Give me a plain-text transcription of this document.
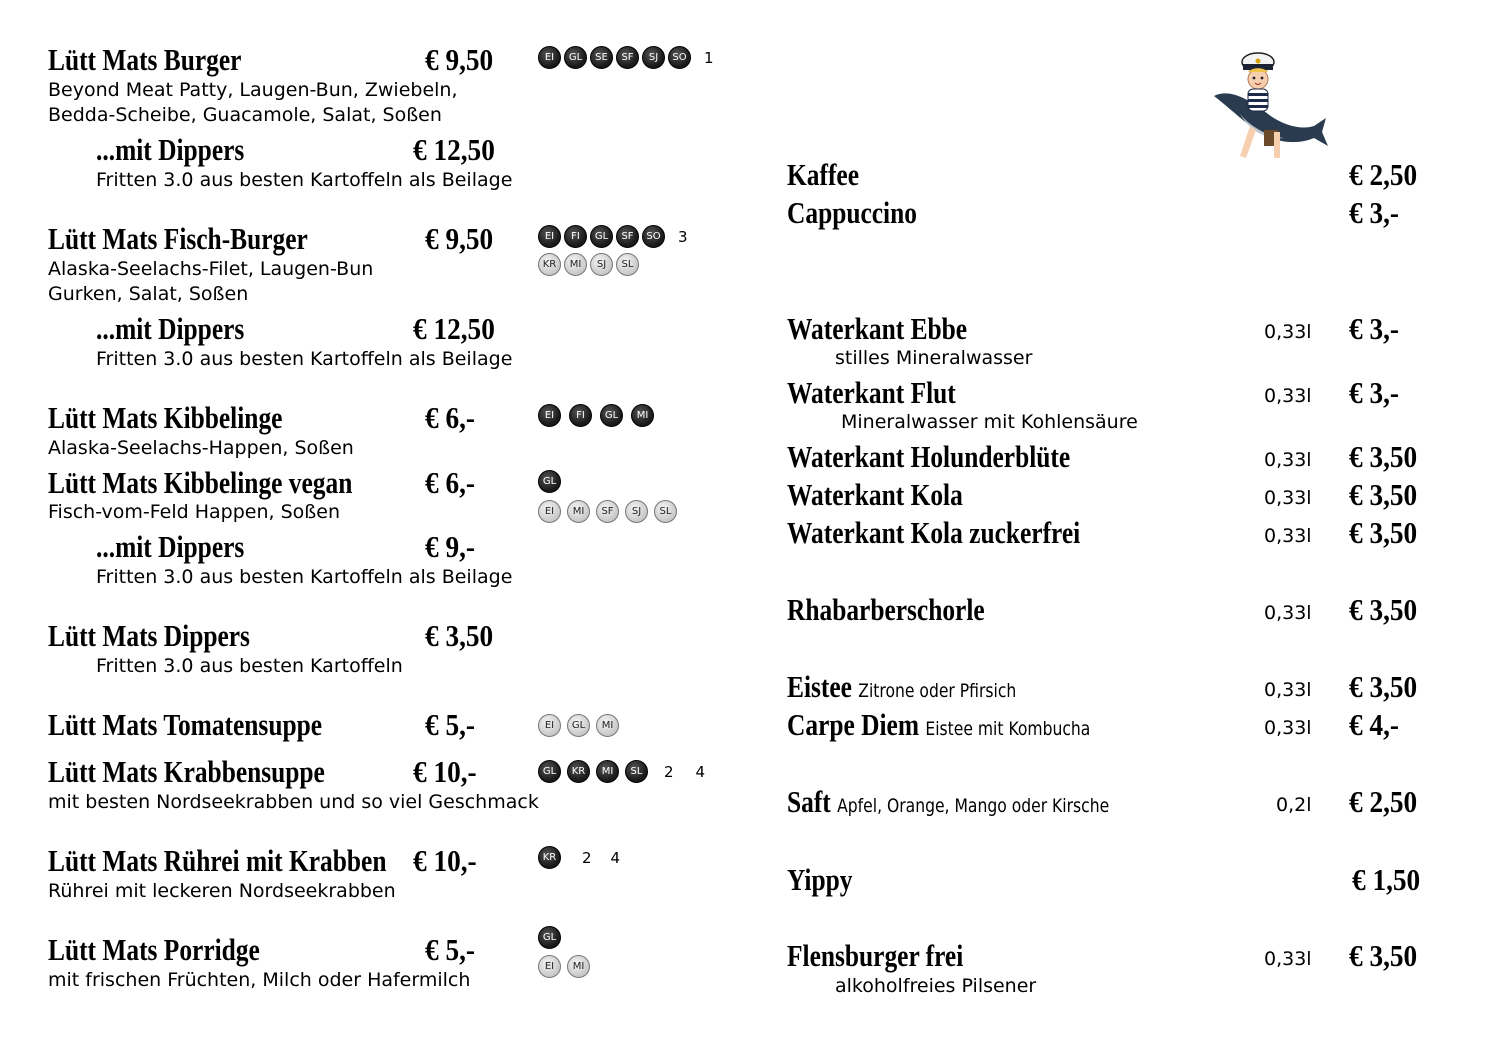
Lütt Mats Burger	€ 9,50	EI	GL	SE	SF	SJ	SO 1
Beyond Meat Patty, Laugen-Bun, Zwiebeln,
Bedda-Scheibe, Guacamole, Salat, Soßen
...mit Dippers	€ 12,50
Fritten 3.0 aus besten Kartoffeln als Beilage
Lütt Mats Fisch-Burger	€ 9,50	EI	FI	GL	SF	SO 3
KR	MI	SJ	SL
Alaska-Seelachs-Filet, Laugen-Bun
Gurken, Salat, Soßen
...mit Dippers	€ 12,50
Fritten 3.0 aus besten Kartoffeln als Beilage
Lütt Mats Kibbelinge	€ 6,-	EI	FI	GL	MI
Alaska-Seelachs-Happen, Soßen
Lütt Mats Kibbelinge vegan € 6,-	GL
EI	MI	SF	SJ	SL
Fisch-vom-Feld Happen, Soßen
...mit Dippers	€ 9,-
Fritten 3.0 aus besten Kartoffeln als Beilage
Lütt Mats Dippers	€ 3,50
Fritten 3.0 aus besten Kartoffeln
Lütt Mats Tomatensuppe	€ 5,-	EI	GL	MI
Lütt Mats Krabbensuppe	€ 10,-	GL	KR	MI	SL	2 4
mit besten Nordseekrabben und so viel Geschmack
Lütt Mats Rührei mit Krabben € 10,-	KR	2 4
Rührei mit leckeren Nordseekrabben
Lütt Mats Porridge	€ 5,-	GL
EI	MI
mit frischen Früchten, Milch oder Hafermilch
Kaffee	€ 2,50
Cappuccino	€ 3,-
Waterkant Ebbe	0,33l € 3,-
stilles Mineralwasser
Waterkant Flut	0,33l € 3,-
Mineralwasser mit Kohlensäure
Waterkant Holunderblüte	0,33l € 3,50
Waterkant Kola	0,33l € 3,50
Waterkant Kola zuckerfrei	0,33l € 3,50
Rhabarberschorle	0,33l € 3,50
Eistee Zitrone oder Pfirsich	0,33l € 3,50
Carpe Diem Eistee mit Kombucha	0,33l € 4,-
Saft Apfel, Orange, Mango oder Kirsche	0,2l € 2,50
Yippy	€ 1,50
Flensburger frei	0,33l € 3,50
alkoholfreies Pilsener
